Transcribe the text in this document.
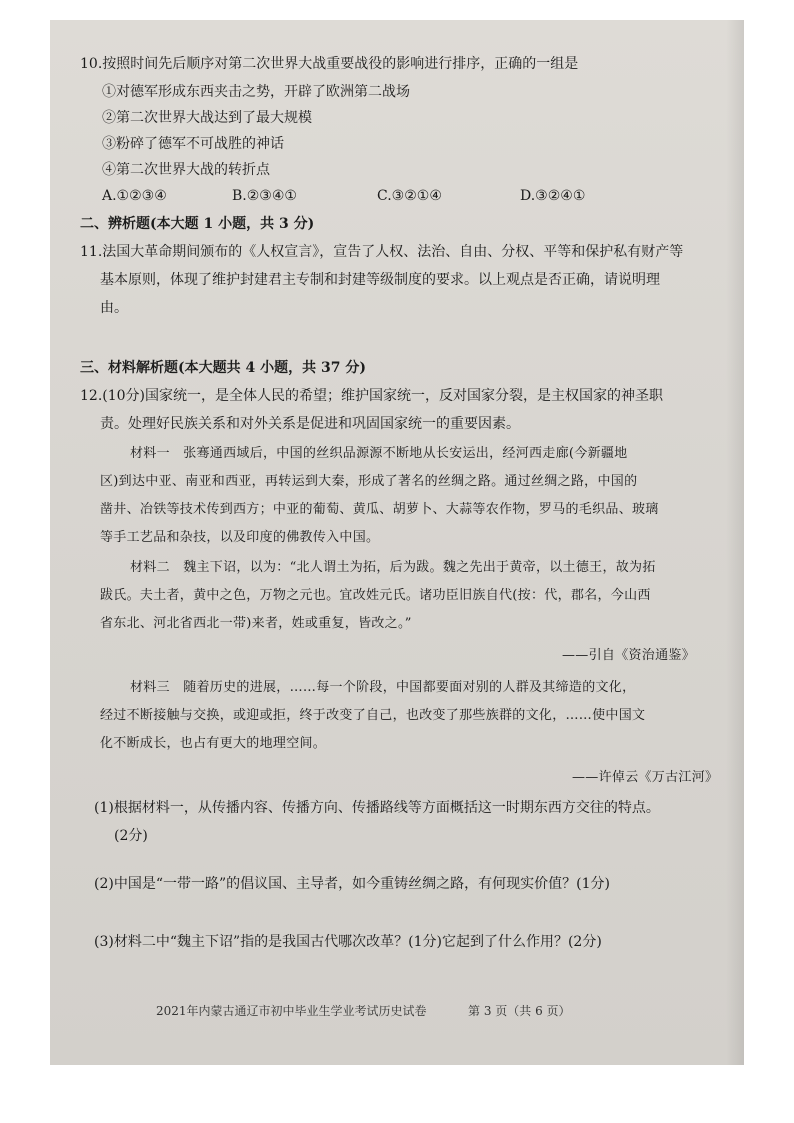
10.按照时间先后顺序对第二次世界大战重要战役的影响进行排序，正确的一组是
①对德军形成东西夹击之势，开辟了欧洲第二战场
②第二次世界大战达到了最大规模
③粉碎了德军不可战胜的神话
④第二次世界大战的转折点
A.①②③④	B.②③④①	C.③②①④	D.③②④①
二、辨析题(本大题 1 小题，共 3 分)
11.法国大革命期间颁布的《人权宣言》，宣告了人权、法治、自由、分权、平等和保护私有财产等
基本原则，体现了维护封建君主专制和封建等级制度的要求。以上观点是否正确，请说明理
由。
三、材料解析题(本大题共 4 小题，共 37 分)
12.(10分)国家统一，是全体人民的希望；维护国家统一，反对国家分裂，是主权国家的神圣职
责。处理好民族关系和对外关系是促进和巩固国家统一的重要因素。
材料一　张骞通西域后，中国的丝织品源源不断地从长安运出，经河西走廊(今新疆地
区)到达中亚、南亚和西亚，再转运到大秦，形成了著名的丝绸之路。通过丝绸之路，中国的
凿井、冶铁等技术传到西方；中亚的葡萄、黄瓜、胡萝卜、大蒜等农作物，罗马的毛织品、玻璃
等手工艺品和杂技，以及印度的佛教传入中国。
材料二　魏主下诏，以为：“北人谓土为拓，后为跋。魏之先出于黄帝，以土德王，故为拓
跋氏。夫土者，黄中之色，万物之元也。宜改姓元氏。诸功臣旧族自代(按：代，郡名，今山西
省东北、河北省西北一带)来者，姓或重复，皆改之。”
——引自《资治通鉴》
材料三　随着历史的进展，……每一个阶段，中国都要面对别的人群及其缔造的文化，
经过不断接触与交换，或迎或拒，终于改变了自己，也改变了那些族群的文化，……使中国文
化不断成长，也占有更大的地理空间。
——许倬云《万古江河》
(1)根据材料一，从传播内容、传播方向、传播路线等方面概括这一时期东西方交往的特点。
(2分)
(2)中国是“一带一路”的倡议国、主导者，如今重铸丝绸之路，有何现实价值？(1分)
(3)材料二中“魏主下诏”指的是我国古代哪次改革？(1分)它起到了什么作用？(2分)
2021年内蒙古通辽市初中毕业生学业考试历史试卷	第 3 页（共 6 页）
